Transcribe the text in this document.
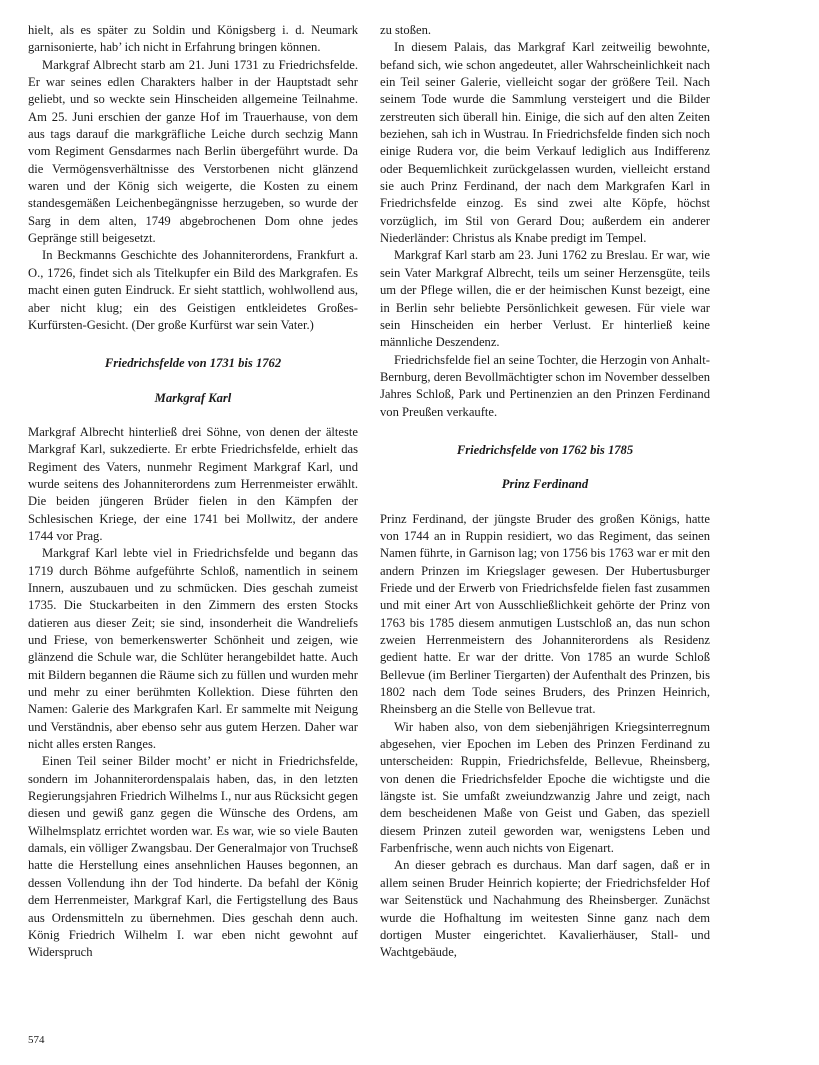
hielt, als es später zu Soldin und Königsberg i. d. Neumark garnisonierte, hab’ ich nicht in Erfahrung bringen können.

Markgraf Albrecht starb am 21. Juni 1731 zu Friedrichsfelde. Er war seines edlen Charakters halber in der Hauptstadt sehr geliebt, und so weckte sein Hinscheiden allgemeine Teilnahme. Am 25. Juni erschien der ganze Hof im Trauerhause, von dem aus tags darauf die markgräfliche Leiche durch sechzig Mann vom Regiment Gensdarmes nach Berlin übergeführt wurde. Da die Vermögensverhältnisse des Verstorbenen nicht glänzend waren und der König sich weigerte, die Kosten zu einem standesgemäßen Leichenbegängnisse herzugeben, so wurde der Sarg in dem alten, 1749 abgebrochenen Dom ohne jedes Gepränge still beigesetzt.

In Beckmanns Geschichte des Johanniterordens, Frankfurt a. O., 1726, findet sich als Titelkupfer ein Bild des Markgrafen. Es macht einen guten Eindruck. Er sieht stattlich, wohlwollend aus, aber nicht klug; ein des Geistigen entkleidetes Großes-Kurfürsten-Gesicht. (Der große Kurfürst war sein Vater.)

Friedrichsfelde von 1731 bis 1762
Markgraf Karl

Markgraf Albrecht hinterließ drei Söhne, von denen der älteste Markgraf Karl, sukzedierte. Er erbte Friedrichsfelde, erhielt das Regiment des Vaters, nunmehr Regiment Markgraf Karl, und wurde seitens des Johanniterordens zum Herrenmeister erwählt. Die beiden jüngeren Brüder fielen in den Kämpfen der Schlesischen Kriege, der eine 1741 bei Mollwitz, der andere 1744 vor Prag.

Markgraf Karl lebte viel in Friedrichsfelde und begann das 1719 durch Böhme aufgeführte Schloß, namentlich in seinem Innern, auszubauen und zu schmücken. Dies geschah zumeist 1735. Die Stuckarbeiten in den Zimmern des ersten Stocks datieren aus dieser Zeit; sie sind, insonderheit die Wandreliefs und Friese, von bemerkenswerter Schönheit und zeigen, wie glänzend die Schule war, die Schlüter herangebildet hatte. Auch mit Bildern begannen die Räume sich zu füllen und wurden mehr und mehr zu einer berühmten Kollektion. Diese führten den Namen: Galerie des Markgrafen Karl. Er sammelte mit Neigung und Verständnis, aber ebenso sehr aus gutem Herzen. Daher war nicht alles ersten Ranges.

Einen Teil seiner Bilder mocht’ er nicht in Friedrichsfelde, sondern im Johanniterordenspalais haben, das, in den letzten Regierungsjahren Friedrich Wilhelms I., nur aus Rücksicht gegen diesen und gewiß ganz gegen die Wünsche des Ordens, am Wilhelmsplatz errichtet worden war. Es war, wie so viele Bauten damals, ein völliger Zwangsbau. Der Generalmajor von Truchseß hatte die Herstellung eines ansehnlichen Hauses begonnen, an dessen Vollendung ihn der Tod hinderte. Da befahl der König dem Herrenmeister, Markgraf Karl, die Fertigstellung des Baus aus Ordensmitteln zu übernehmen. Dies geschah denn auch. König Friedrich Wilhelm I. war eben nicht gewohnt auf Widerspruch

zu stoßen.

In diesem Palais, das Markgraf Karl zeitweilig bewohnte, befand sich, wie schon angedeutet, aller Wahrscheinlichkeit nach ein Teil seiner Galerie, vielleicht sogar der größere Teil. Nach seinem Tode wurde die Sammlung versteigert und die Bilder zerstreuten sich überall hin. Einige, die sich auf den alten Zeiten beziehen, sah ich in Wustrau. In Friedrichsfelde finden sich noch einige Rudera vor, die beim Verkauf lediglich aus Indifferenz oder Bequemlichkeit zurückgelassen wurden, vielleicht erstand sie auch Prinz Ferdinand, der nach dem Markgrafen Karl in Friedrichsfelde einzog. Es sind zwei alte Köpfe, höchst vorzüglich, im Stil von Gerard Dou; außerdem ein anderer Niederländer: Christus als Knabe predigt im Tempel.

Markgraf Karl starb am 23. Juni 1762 zu Breslau. Er war, wie sein Vater Markgraf Albrecht, teils um seiner Herzensgüte, teils um der Pflege willen, die er der heimischen Kunst bezeigt, eine in Berlin sehr beliebte Persönlichkeit gewesen. Für viele war sein Hinscheiden ein herber Verlust. Er hinterließ keine männliche Deszendenz.

Friedrichsfelde fiel an seine Tochter, die Herzogin von Anhalt-Bernburg, deren Bevollmächtigter schon im November desselben Jahres Schloß, Park und Pertinenzien an den Prinzen Ferdinand von Preußen verkaufte.

Friedrichsfelde von 1762 bis 1785
Prinz Ferdinand

Prinz Ferdinand, der jüngste Bruder des großen Königs, hatte von 1744 an in Ruppin residiert, wo das Regiment, das seinen Namen führte, in Garnison lag; von 1756 bis 1763 war er mit den andern Prinzen im Kriegslager gewesen. Der Hubertusburger Friede und der Erwerb von Friedrichsfelde fielen fast zusammen und mit einer Art von Ausschließlichkeit gehörte der Prinz von 1763 bis 1785 diesem anmutigen Lustschloß an, das nun schon zweien Herrenmeistern des Johanniterordens als Residenz gedient hatte. Er war der dritte. Von 1785 an wurde Schloß Bellevue (im Berliner Tiergarten) der Aufenthalt des Prinzen, bis 1802 nach dem Tode seines Bruders, des Prinzen Heinrich, Rheinsberg an die Stelle von Bellevue trat.

Wir haben also, von dem siebenjährigen Kriegsinterregnum abgesehen, vier Epochen im Leben des Prinzen Ferdinand zu unterscheiden: Ruppin, Friedrichsfelde, Bellevue, Rheinsberg, von denen die Friedrichsfelder Epoche die wichtigste und die längste ist. Sie umfaßt zweiundzwanzig Jahre und zeigt, nach dem bescheidenen Maße von Geist und Gaben, das speziell diesem Prinzen zuteil geworden war, wenigstens Leben und Farbenfrische, wenn auch nichts von Eigenart.

An dieser gebrach es durchaus. Man darf sagen, daß er in allem seinen Bruder Heinrich kopierte; der Friedrichsfelder Hof war Seitenstück und Nachahmung des Rheinsberger. Zunächst wurde die Hofhaltung im weitesten Sinne ganz nach dem dortigen Muster eingerichtet. Kavalierhäuser, Stall- und Wachtgebäude,

574
